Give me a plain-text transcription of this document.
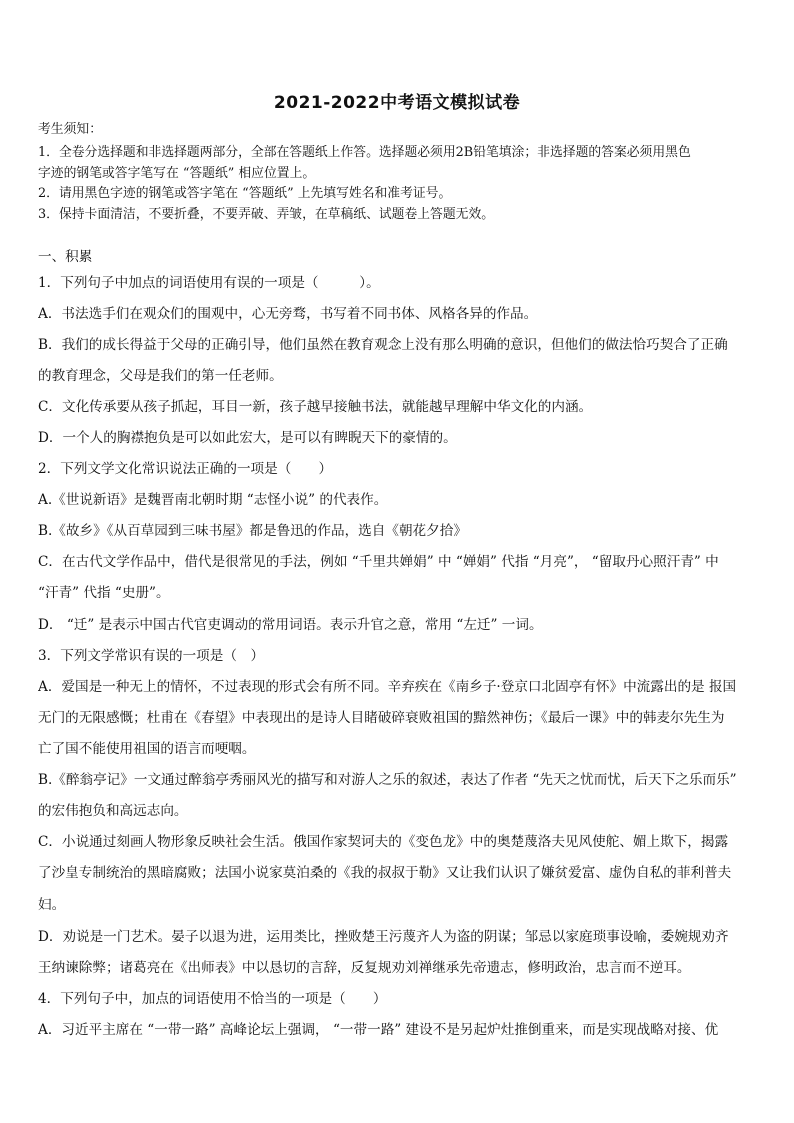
2021-2022中考语文模拟试卷
考生须知：
1．全卷分选择题和非选择题两部分，全部在答题纸上作答。选择题必须用2B铅笔填涂；非选择题的答案必须用黑色
字迹的钢笔或答字笔写在 “答题纸” 相应位置上。
2．请用黑色字迹的钢笔或答字笔在 “答题纸” 上先填写姓名和准考证号。
3．保持卡面清洁，不要折叠，不要弄破、弄皱，在草稿纸、试题卷上答题无效。
一、积累
1．下列句子中加点的词语使用有误的一项是（　　　）。
A．书法选手们在观众们的围观中，心无旁骛，书写着不同书体、风格各异的作品。
B．我们的成长得益于父母的正确引导，他们虽然在教育观念上没有那么明确的意识，但他们的做法恰巧契合了正确
的教育理念，父母是我们的第一任老师。
C．文化传承要从孩子抓起，耳目一新，孩子越早接触书法，就能越早理解中华文化的内涵。
D．一个人的胸襟抱负是可以如此宏大，是可以有睥睨天下的豪情的。
2．下列文学文化常识说法正确的一项是（　　）
A.《世说新语》是魏晋南北朝时期 “志怪小说” 的代表作。
B.《故乡》《从百草园到三味书屋》都是鲁迅的作品，选自《朝花夕拾》
C．在古代文学作品中，借代是很常见的手法，例如 “千里共婵娟” 中 “婵娟” 代指 “月亮”， “留取丹心照汗青” 中
“汗青” 代指 “史册”。
D． “迁” 是表示中国古代官吏调动的常用词语。表示升官之意，常用 “左迁” 一词。
3．下列文学常识有误的一项是（　）
A．爱国是一种无上的情怀，不过表现的形式会有所不同。辛弃疾在《南乡子·登京口北固亭有怀》中流露出的是 报国
无门的无限感慨；杜甫在《春望》中表现出的是诗人目睹破碎衰败祖国的黯然神伤；《最后一课》中的韩麦尔先生为
亡了国不能使用祖国的语言而哽咽。
B.《醉翁亭记》一文通过醉翁亭秀丽风光的描写和对游人之乐的叙述，表达了作者 “先天之忧而忧，后天下之乐而乐”
的宏伟抱负和高远志向。
C．小说通过刻画人物形象反映社会生活。俄国作家契诃夫的《变色龙》中的奥楚蔑洛夫见风使舵、媚上欺下，揭露
了沙皇专制统治的黑暗腐败；法国小说家莫泊桑的《我的叔叔于勒》又让我们认识了嫌贫爱富、虚伪自私的菲利普夫
妇。
D．劝说是一门艺术。晏子以退为进，运用类比，挫败楚王污蔑齐人为盗的阴谋；邹忌以家庭琐事设喻，委婉规劝齐
王纳谏除弊；诸葛亮在《出师表》中以恳切的言辞，反复规劝刘禅继承先帝遗志，修明政治，忠言而不逆耳。
4．下列句子中，加点的词语使用不恰当的一项是（　　）
A．习近平主席在 “一带一路” 高峰论坛上强调， “一带一路” 建设不是另起炉灶推倒重来，而是实现战略对接、优
